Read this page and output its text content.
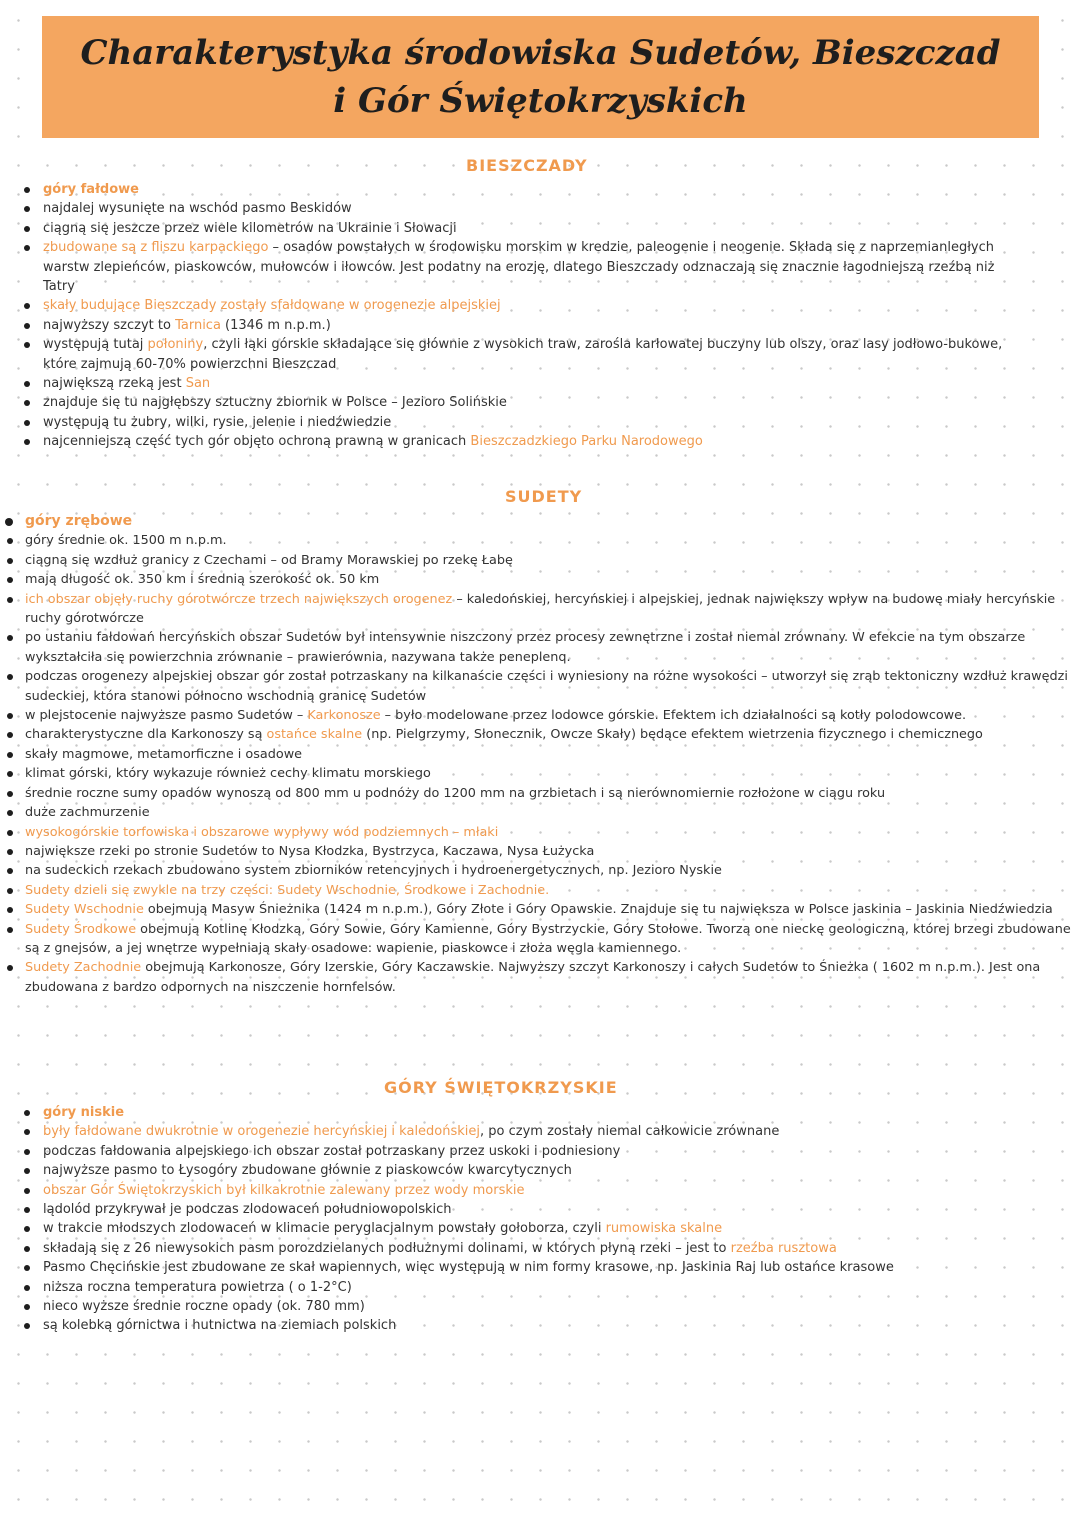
Charakterystyka środowiska Sudetów, Bieszczad i Gór Świętokrzyskich
BIESZCZADY
góry fałdowe
najdalej wysunięte na wschód pasmo Beskidów
ciągną się jeszcze przez wiele kilometrów na Ukrainie i Słowacji
zbudowane są z fliszu karpackiego – osadów powstałych w środowisku morskim w kredzie, paleogenie i neogenie. Składa się z naprzemianległych warstw zlepieńców, piaskowców, mułowców i iłowców. Jest podatny na erozję, dlatego Bieszczady odznaczają się znacznie łagodniejszą rzeźbą niż Tatry
skały budujące Bieszczady zostały sfałdowane w orogenezie alpejskiej
najwyższy szczyt to Tarnica (1346 m n.p.m.)
występują tutaj połoniny, czyli łąki górskie składające się głównie z wysokich traw, zarośla karłowatej buczyny lub olszy, oraz lasy jodłowo-bukowe, które zajmują 60-70% powierzchni Bieszczad
największą rzeką jest San
znajduje się tu najgłębszy sztuczny zbiornik w Polsce – Jezioro Solińskie
występują tu żubry, wilki, rysie, jelenie i niedźwiedzie
najcenniejszą część tych gór objęto ochroną prawną w granicach Bieszczadzkiego Parku Narodowego
SUDETY
góry zrębowe
góry średnie ok. 1500 m n.p.m.
ciągną się wzdłuż granicy z Czechami – od Bramy Morawskiej po rzekę Łabę
mają długość ok. 350 km i średnią szerokość ok. 50 km
ich obszar objęły ruchy górotwórcze trzech największych orogenez – kaledońskiej, hercyńskiej i alpejskiej, jednak największy wpływ na budowę miały hercyńskie ruchy górotwórcze
po ustaniu fałdowań hercyńskich obszar Sudetów był intensywnie niszczony przez procesy zewnętrzne i został niemal zrównany. W efekcie na tym obszarze wykształciła się powierzchnia zrównanie – prawierównia, nazywana także peneplenq.
podczas orogenezy alpejskiej obszar gór został potrzaskany na kilkanaście części i wyniesiony na różne wysokości – utworzył się zrąb tektoniczny wzdłuż krawędzi sudeckiej, która stanowi północno wschodnią granicę Sudetów
w plejstocenie najwyższe pasmo Sudetów – Karkonosze – było modelowane przez lodowce górskie. Efektem ich działalności są kotły polodowcowe.
charakterystyczne dla Karkonoszy są ostańce skalne (np. Pielgrzymy, Słonecznik, Owcze Skały) będące efektem wietrzenia fizycznego i chemicznego
skały magmowe, metamorficzne i osadowe
klimat górski, który wykazuje również cechy klimatu morskiego
średnie roczne sumy opadów wynoszą od 800 mm u podnóży do 1200 mm na grzbietach i są nierównomiernie rozłożone w ciągu roku
duże zachmurzenie
wysokogórskie torfowiska i obszarowe wypływy wód podziemnych – młaki
największe rzeki po stronie Sudetów to Nysa Kłodzka, Bystrzyca, Kaczawa, Nysa Łużycka
na sudeckich rzekach zbudowano system zbiorników retencyjnych i hydroenergetycznych, np. Jezioro Nyskie
Sudety dzieli się zwykle na trzy części: Sudety Wschodnie, Środkowe i Zachodnie.
Sudety Wschodnie obejmują Masyw Śnieżnika (1424 m n.p.m.), Góry Złote i Góry Opawskie. Znajduje się tu największa w Polsce jaskinia – Jaskinia Niedźwiedzia
Sudety Środkowe obejmują Kotlinę Kłodzką, Góry Sowie, Góry Kamienne, Góry Bystrzyckie, Góry Stołowe. Tworzą one nieckę geologiczną, której brzegi zbudowane są z gnejsów, a jej wnętrze wypełniają skały osadowe: wapienie, piaskowce i złoża węgla kamiennego.
Sudety Zachodnie obejmują Karkonosze, Góry Izerskie, Góry Kaczawskie. Najwyższy szczyt Karkonoszy i całych Sudetów to Śnieżka ( 1602 m n.p.m.). Jest ona zbudowana z bardzo odpornych na niszczenie hornfelsów.
GÓRY ŚWIĘTOKRZYSKIE
góry niskie
były fałdowane dwukrotnie w orogenezie hercyńskiej i kaledońskiej, po czym zostały niemal całkowicie zrównane
podczas fałdowania alpejskiego ich obszar został potrzaskany przez uskoki i podniesiony
najwyższe pasmo to Łysogóry zbudowane głównie z piaskowców kwarcytycznych
obszar Gór Świętokrzyskich był kilkakrotnie zalewany przez wody morskie
lądolód przykrywał je podczas zlodowaceń południowopolskich
w trakcie młodszych zlodowaceń w klimacie peryglacjalnym powstały gołoborza, czyli rumowiska skalne
składają się z 26 niewysokich pasm porozdzielanych podłużnymi dolinami, w których płyną rzeki – jest to rzeźba rusztowa
Pasmo Chęcińskie jest zbudowane ze skał wapiennych, więc występują w nim formy krasowe, np. Jaskinia Raj lub ostańce krasowe
niższa roczna temperatura powietrza ( o 1-2°C)
nieco wyższe średnie roczne opady (ok. 780 mm)
są kolebką górnictwa i hutnictwa na ziemiach polskich
